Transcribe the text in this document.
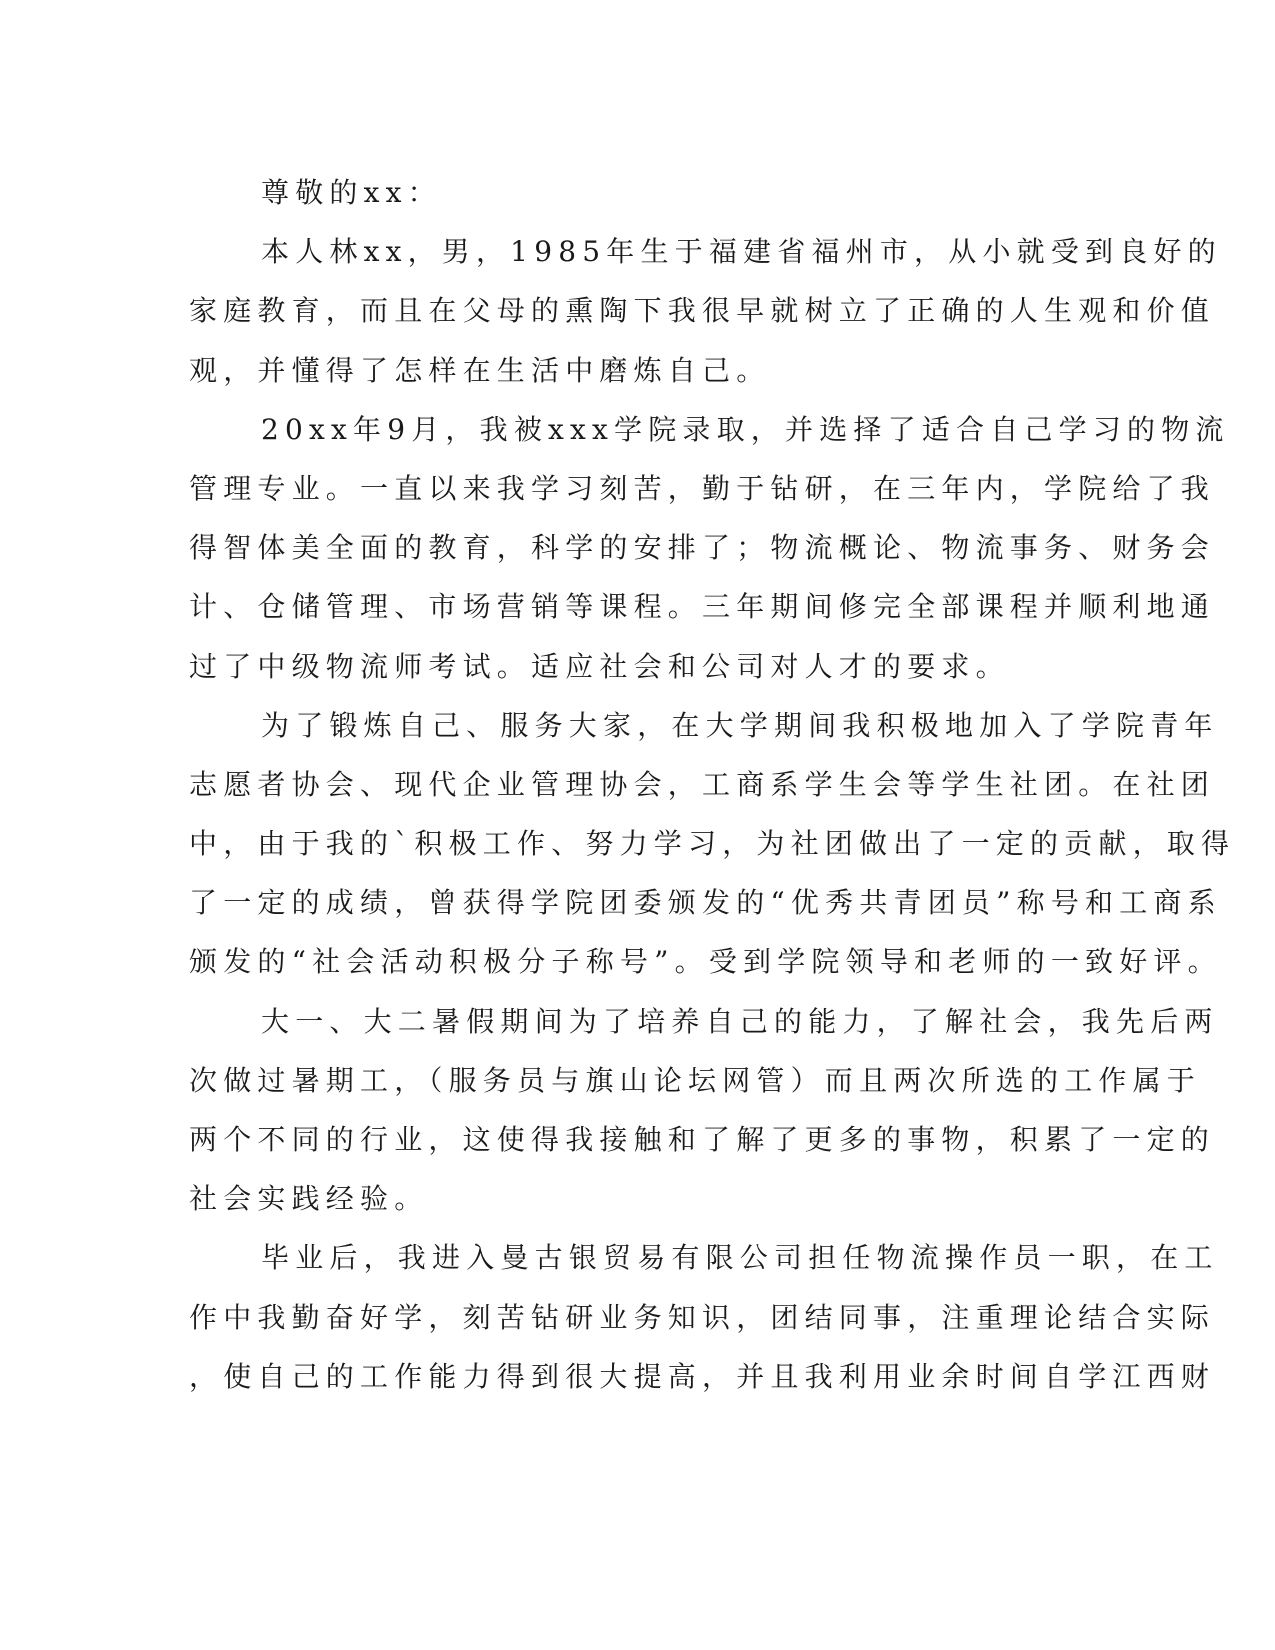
尊敬的xx：
本人林xx，男，1985年生于福建省福州市，从小就受到良好的
家庭教育，而且在父母的熏陶下我很早就树立了正确的人生观和价值
观，并懂得了怎样在生活中磨炼自己。
20xx年9月，我被xxx学院录取，并选择了适合自己学习的物流
管理专业。一直以来我学习刻苦，勤于钻研，在三年内，学院给了我
得智体美全面的教育，科学的安排了；物流概论、物流事务、财务会
计、仓储管理、市场营销等课程。三年期间修完全部课程并顺利地通
过了中级物流师考试。适应社会和公司对人才的要求。
为了锻炼自己、服务大家，在大学期间我积极地加入了学院青年
志愿者协会、现代企业管理协会，工商系学生会等学生社团。在社团
中，由于我的`积极工作、努力学习，为社团做出了一定的贡献，取得
了一定的成绩，曾获得学院团委颁发的“优秀共青团员”称号和工商系
颁发的“社会活动积极分子称号”。受到学院领导和老师的一致好评。
大一、大二暑假期间为了培养自己的能力，了解社会，我先后两
次做过暑期工，（服务员与旗山论坛网管）而且两次所选的工作属于
两个不同的行业，这使得我接触和了解了更多的事物，积累了一定的
社会实践经验。
毕业后，我进入曼古银贸易有限公司担任物流操作员一职，在工
作中我勤奋好学，刻苦钻研业务知识，团结同事，注重理论结合实际
，使自己的工作能力得到很大提高，并且我利用业余时间自学江西财
